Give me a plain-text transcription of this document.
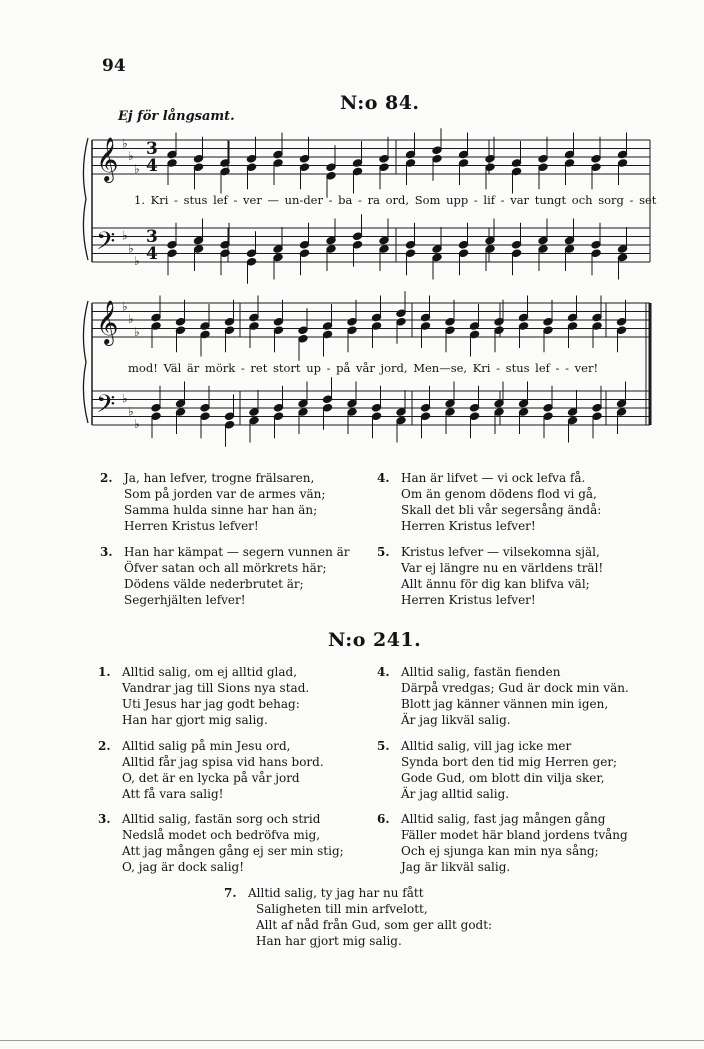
94
N:o 84.
Ej för långsamt.
𝄞
𝄢
♭
♭
♭
♭
♭
♭
3
4
3
4
𝄞
𝄢
♭
♭
♭
♭
♭
♭
1. Kri - stus lef - ver — un-der - ba - ra ord, Som upp - lif - var tungt och sorg - set
mod! Väl är mörk - ret stort up - på vår jord, Men—se, Kri - stus lef - - ver!
2. Ja, han lefver, trogne frälsaren,
Som på jorden var de armes vän;
Samma hulda sinne har han än;
Herren Kristus lefver!
4. Han är lifvet — vi ock lefva få.
Om än genom dödens flod vi gå,
Skall det bli vår segersång ändå:
Herren Kristus lefver!
3. Han har kämpat — segern vunnen är
Öfver satan och all mörkrets här;
Dödens välde nederbrutet är;
Segerhjälten lefver!
5. Kristus lefver — vilsekomna själ,
Var ej längre nu en världens träl!
Allt ännu för dig kan blifva väl;
Herren Kristus lefver!
N:o 241.
1. Alltid salig, om ej alltid glad,
Vandrar jag till Sions nya stad.
Uti Jesus har jag godt behag:
Han har gjort mig salig.
4. Alltid salig, fastän fienden
Därpå vredgas; Gud är dock min vän.
Blott jag känner vännen min igen,
Är jag likväl salig.
2. Alltid salig på min Jesu ord,
Alltid får jag spisa vid hans bord.
O, det är en lycka på vår jord
Att få vara salig!
5. Alltid salig, vill jag icke mer
Synda bort den tid mig Herren ger;
Gode Gud, om blott din vilja sker,
Är jag alltid salig.
3. Alltid salig, fastän sorg och strid
Nedslå modet och bedröfva mig,
Att jag mången gång ej ser min stig;
O, jag är dock salig!
6. Alltid salig, fast jag mången gång
Fäller modet här bland jordens tvång
Och ej sjunga kan min nya sång;
Jag är likväl salig.
7. Alltid salig, ty jag har nu fått
Saligheten till min arfvelott,
Allt af nåd från Gud, som ger allt godt:
Han har gjort mig salig.
